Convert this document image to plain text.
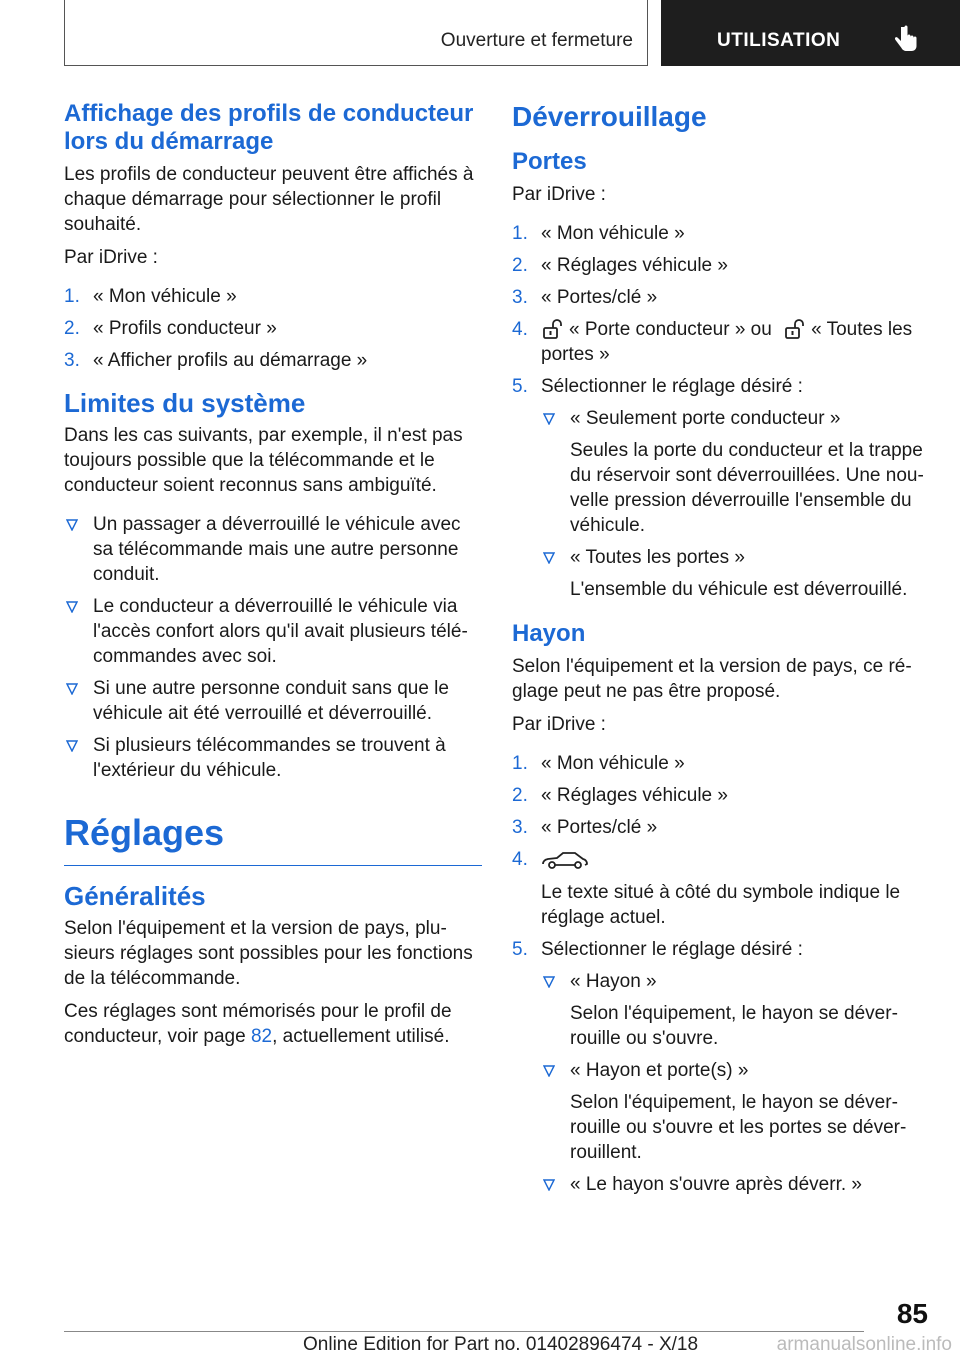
Ouverture et fermeture	UTILISATION
Affichage des profils de conducteur lors du démarrage

Les profils de conducteur peuvent être affichés à chaque démarrage pour sélectionner le profil souhaité.

Par iDrive :

1. « Mon véhicule »
2. « Profils conducteur »
3. « Afficher profils au démarrage »
Limites du système

Dans les cas suivants, par exemple, il n'est pas toujours possible que la télécommande et le conducteur soient reconnus sans ambiguïté.

Un passager a déverrouillé le véhicule avec sa télécommande mais une autre personne conduit.
Le conducteur a déverrouillé le véhicule via l'accès confort alors qu'il avait plusieurs télécommandes avec soi.
Si une autre personne conduit sans que le véhicule ait été verrouillé et déverrouillé.
Si plusieurs télécommandes se trouvent à l'extérieur du véhicule.
Réglages
Généralités

Selon l'équipement et la version de pays, plusieurs réglages sont possibles pour les fonctions de la télécommande.

Ces réglages sont mémorisés pour le profil de conducteur, voir page 82, actuellement utilisé.

Déverrouillage
Portes

Par iDrive :

1. « Mon véhicule »
2. « Réglages véhicule »
3. « Portes/clé »
4. « Porte conducteur » ou « Toutes les portes »
5. Sélectionner le réglage désiré :
« Seulement porte conducteur »
Seules la porte du conducteur et la trappe du réservoir sont déverrouillées. Une nouvelle pression déverrouille l'ensemble du véhicule.
« Toutes les portes »
L'ensemble du véhicule est déverrouillé.
Hayon

Selon l'équipement et la version de pays, ce réglage peut ne pas être proposé.

Par iDrive :

1. « Mon véhicule »
2. « Réglages véhicule »
3. « Portes/clé »
4.
Le texte situé à côté du symbole indique le réglage actuel.
5. Sélectionner le réglage désiré :
« Hayon »
Selon l'équipement, le hayon se déverrouille ou s'ouvre.
« Hayon et porte(s) »
Selon l'équipement, le hayon se déverrouille ou s'ouvre et les portes se déverrouillent.
« Le hayon s'ouvre après déverr. »
85
Online Edition for Part no. 01402896474 - X/18	armanualsonline.info
